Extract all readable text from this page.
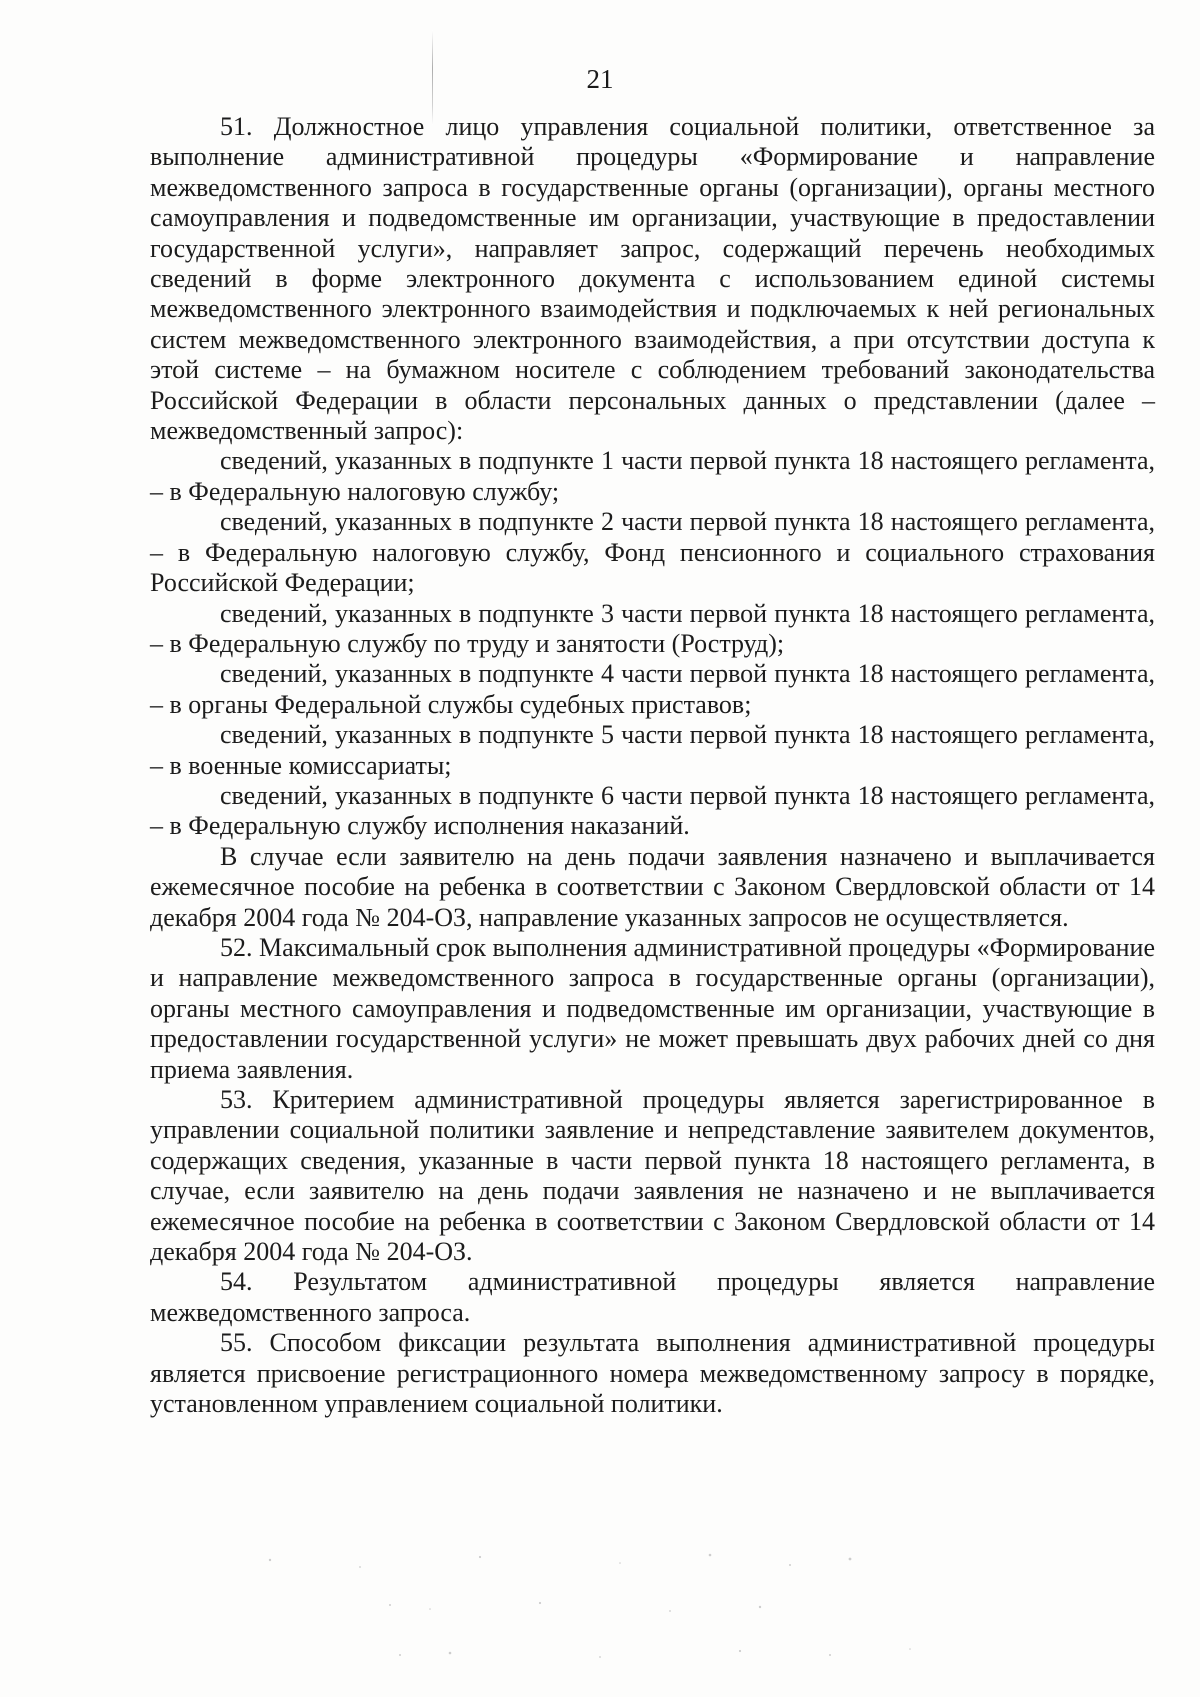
21

51. Должностное лицо управления социальной политики, ответственное за выполнение административной процедуры «Формирование и направление межведомственного запроса в государственные органы (организации), органы местного самоуправления и подведомственные им организации, участвующие в предоставлении государственной услуги», направляет запрос, содержащий перечень необходимых сведений в форме электронного документа с использованием единой системы межведомственного электронного взаимодействия и подключаемых к ней региональных систем межведомственного электронного взаимодействия, а при отсутствии доступа к этой системе – на бумажном носителе с соблюдением требований законодательства Российской Федерации в области персональных данных о представлении (далее – межведомственный запрос):

сведений, указанных в подпункте 1 части первой пункта 18 настоящего регламента, – в Федеральную налоговую службу;

сведений, указанных в подпункте 2 части первой пункта 18 настоящего регламента, – в Федеральную налоговую службу, Фонд пенсионного и социального страхования Российской Федерации;

сведений, указанных в подпункте 3 части первой пункта 18 настоящего регламента, – в Федеральную службу по труду и занятости (Роструд);

сведений, указанных в подпункте 4 части первой пункта 18 настоящего регламента, – в органы Федеральной службы судебных приставов;

сведений, указанных в подпункте 5 части первой пункта 18 настоящего регламента, – в военные комиссариаты;

сведений, указанных в подпункте 6 части первой пункта 18 настоящего регламента, – в Федеральную службу исполнения наказаний.

В случае если заявителю на день подачи заявления назначено и выплачивается ежемесячное пособие на ребенка в соответствии с Законом Свердловской области от 14 декабря 2004 года № 204-ОЗ, направление указанных запросов не осуществляется.

52. Максимальный срок выполнения административной процедуры «Формирование и направление межведомственного запроса в государственные органы (организации), органы местного самоуправления и подведомственные им организации, участвующие в предоставлении государственной услуги» не может превышать двух рабочих дней со дня приема заявления.

53. Критерием административной процедуры является зарегистрированное в управлении социальной политики заявление и непредставление заявителем документов, содержащих сведения, указанные в части первой пункта 18 настоящего регламента, в случае, если заявителю на день подачи заявления не назначено и не выплачивается ежемесячное пособие на ребенка в соответствии с Законом Свердловской области от 14 декабря 2004 года № 204-ОЗ.

54. Результатом административной процедуры является направление межведомственного запроса.

55. Способом фиксации результата выполнения административной процедуры является присвоение регистрационного номера межведомственному запросу в порядке, установленном управлением социальной политики.
